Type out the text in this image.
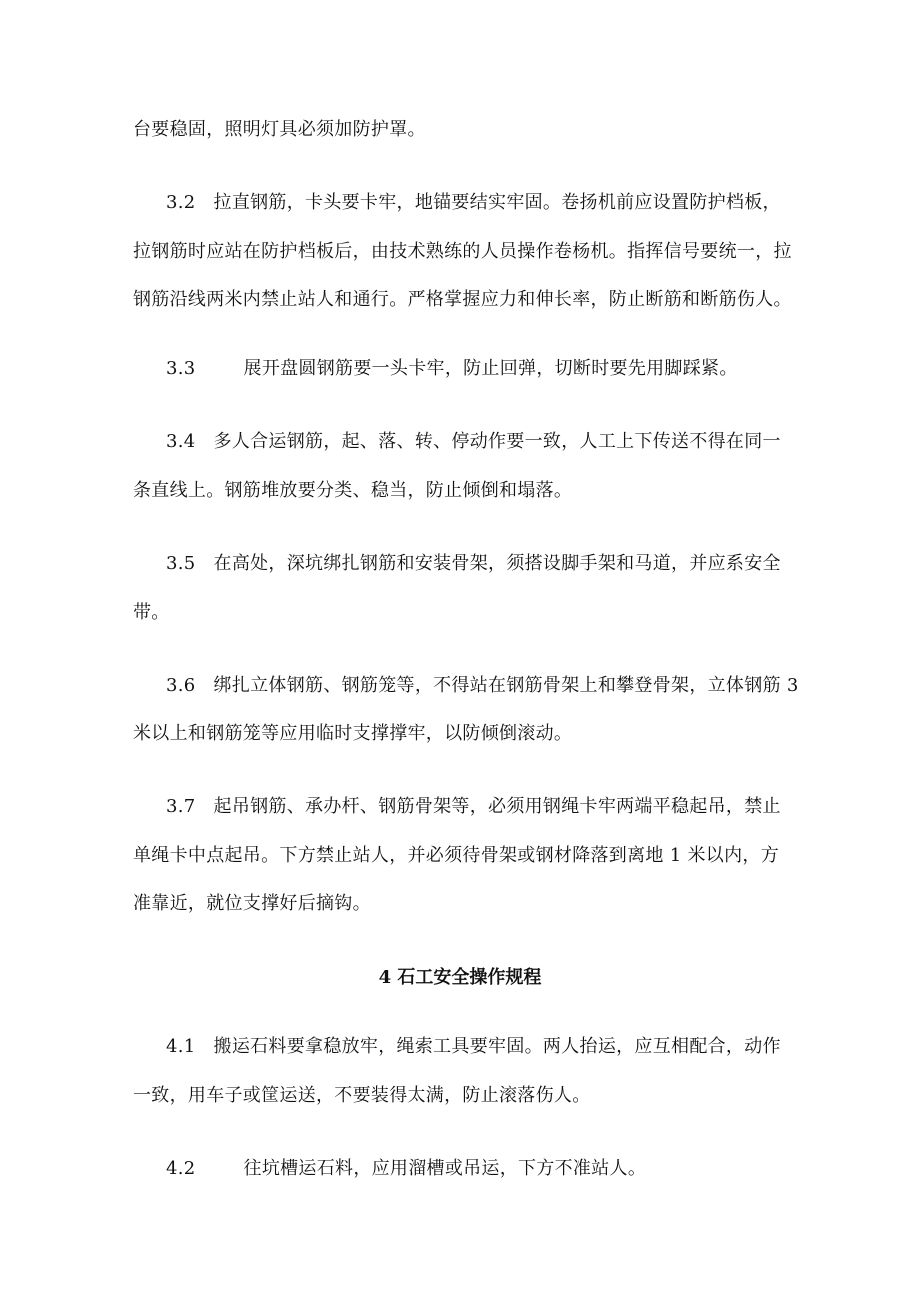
台要稳固，照明灯具必须加防护罩。
3.2 拉直钢筋，卡头要卡牢，地锚要结实牢固。卷扬机前应设置防护档板，
拉钢筋时应站在防护档板后，由技术熟练的人员操作卷杨机。指挥信号要统一，拉
钢筋沿线两米内禁止站人和通行。严格掌握应力和伸长率，防止断筋和断筋伤人。
3.3	展开盘圆钢筋要一头卡牢，防止回弹，切断时要先用脚踩紧。
3.4 多人合运钢筋，起、落、转、停动作要一致，人工上下传送不得在同一
条直线上。钢筋堆放要分类、稳当，防止倾倒和塌落。
3.5 在高处，深坑绑扎钢筋和安装骨架，须搭设脚手架和马道，并应系安全
带。
3.6 绑扎立体钢筋、钢筋笼等，不得站在钢筋骨架上和攀登骨架，立体钢筋 3
米以上和钢筋笼等应用临时支撑撑牢，以防倾倒滚动。
3.7 起吊钢筋、承办杆、钢筋骨架等，必须用钢绳卡牢两端平稳起吊，禁止
单绳卡中点起吊。下方禁止站人，并必须待骨架或钢材降落到离地 1 米以内，方
准靠近，就位支撑好后摘钩。
4 石工安全操作规程
4.1 搬运石料要拿稳放牢，绳索工具要牢固。两人抬运，应互相配合，动作
一致，用车子或筐运送，不要装得太满，防止滚落伤人。
4.2	往坑槽运石料，应用溜槽或吊运，下方不准站人。
